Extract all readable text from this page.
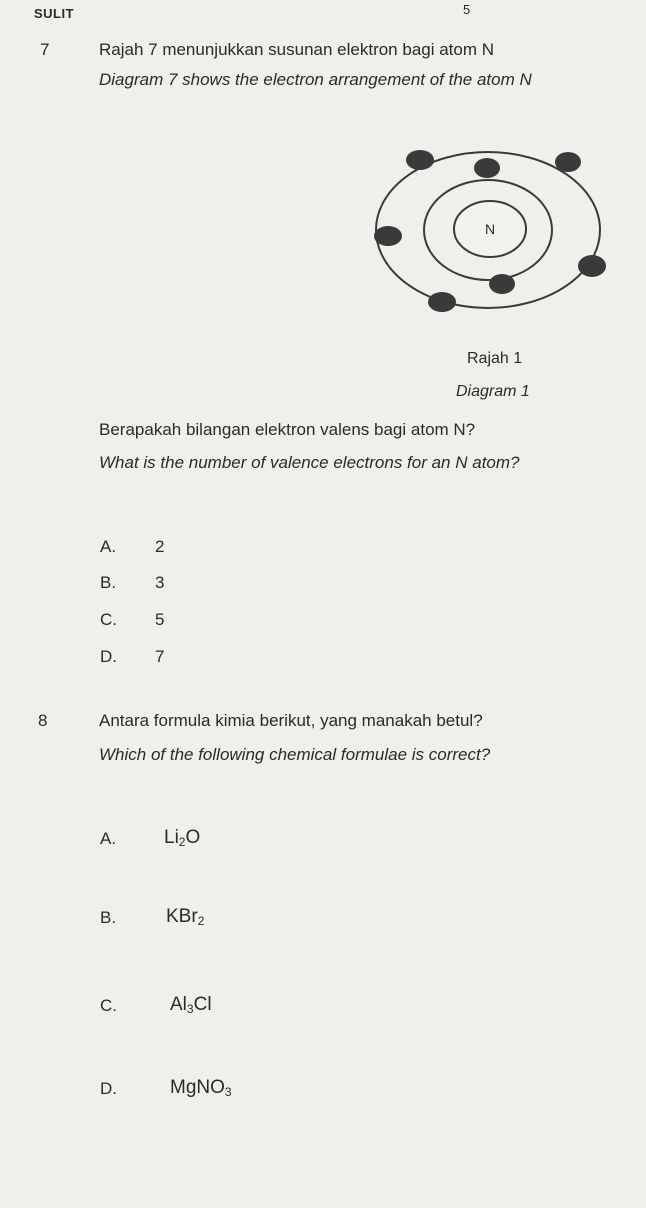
SULIT	5
7	Rajah 7 menunjukkan susunan elektron bagi atom N
Diagram 7 shows the electron arrangement of the atom N
N
Rajah 1
Diagram 1
Berapakah bilangan elektron valens bagi atom N?
What is the number of valence electrons for an N atom?
A. 2
B. 3
C. 5
D. 7
8	Antara formula kimia berikut, yang manakah betul?
Which of the following chemical formulae is correct?
A.	$Li_2O$
B.	KBr$_2$
C.	$Al_3Cl$
D.	MgNO$_3$
